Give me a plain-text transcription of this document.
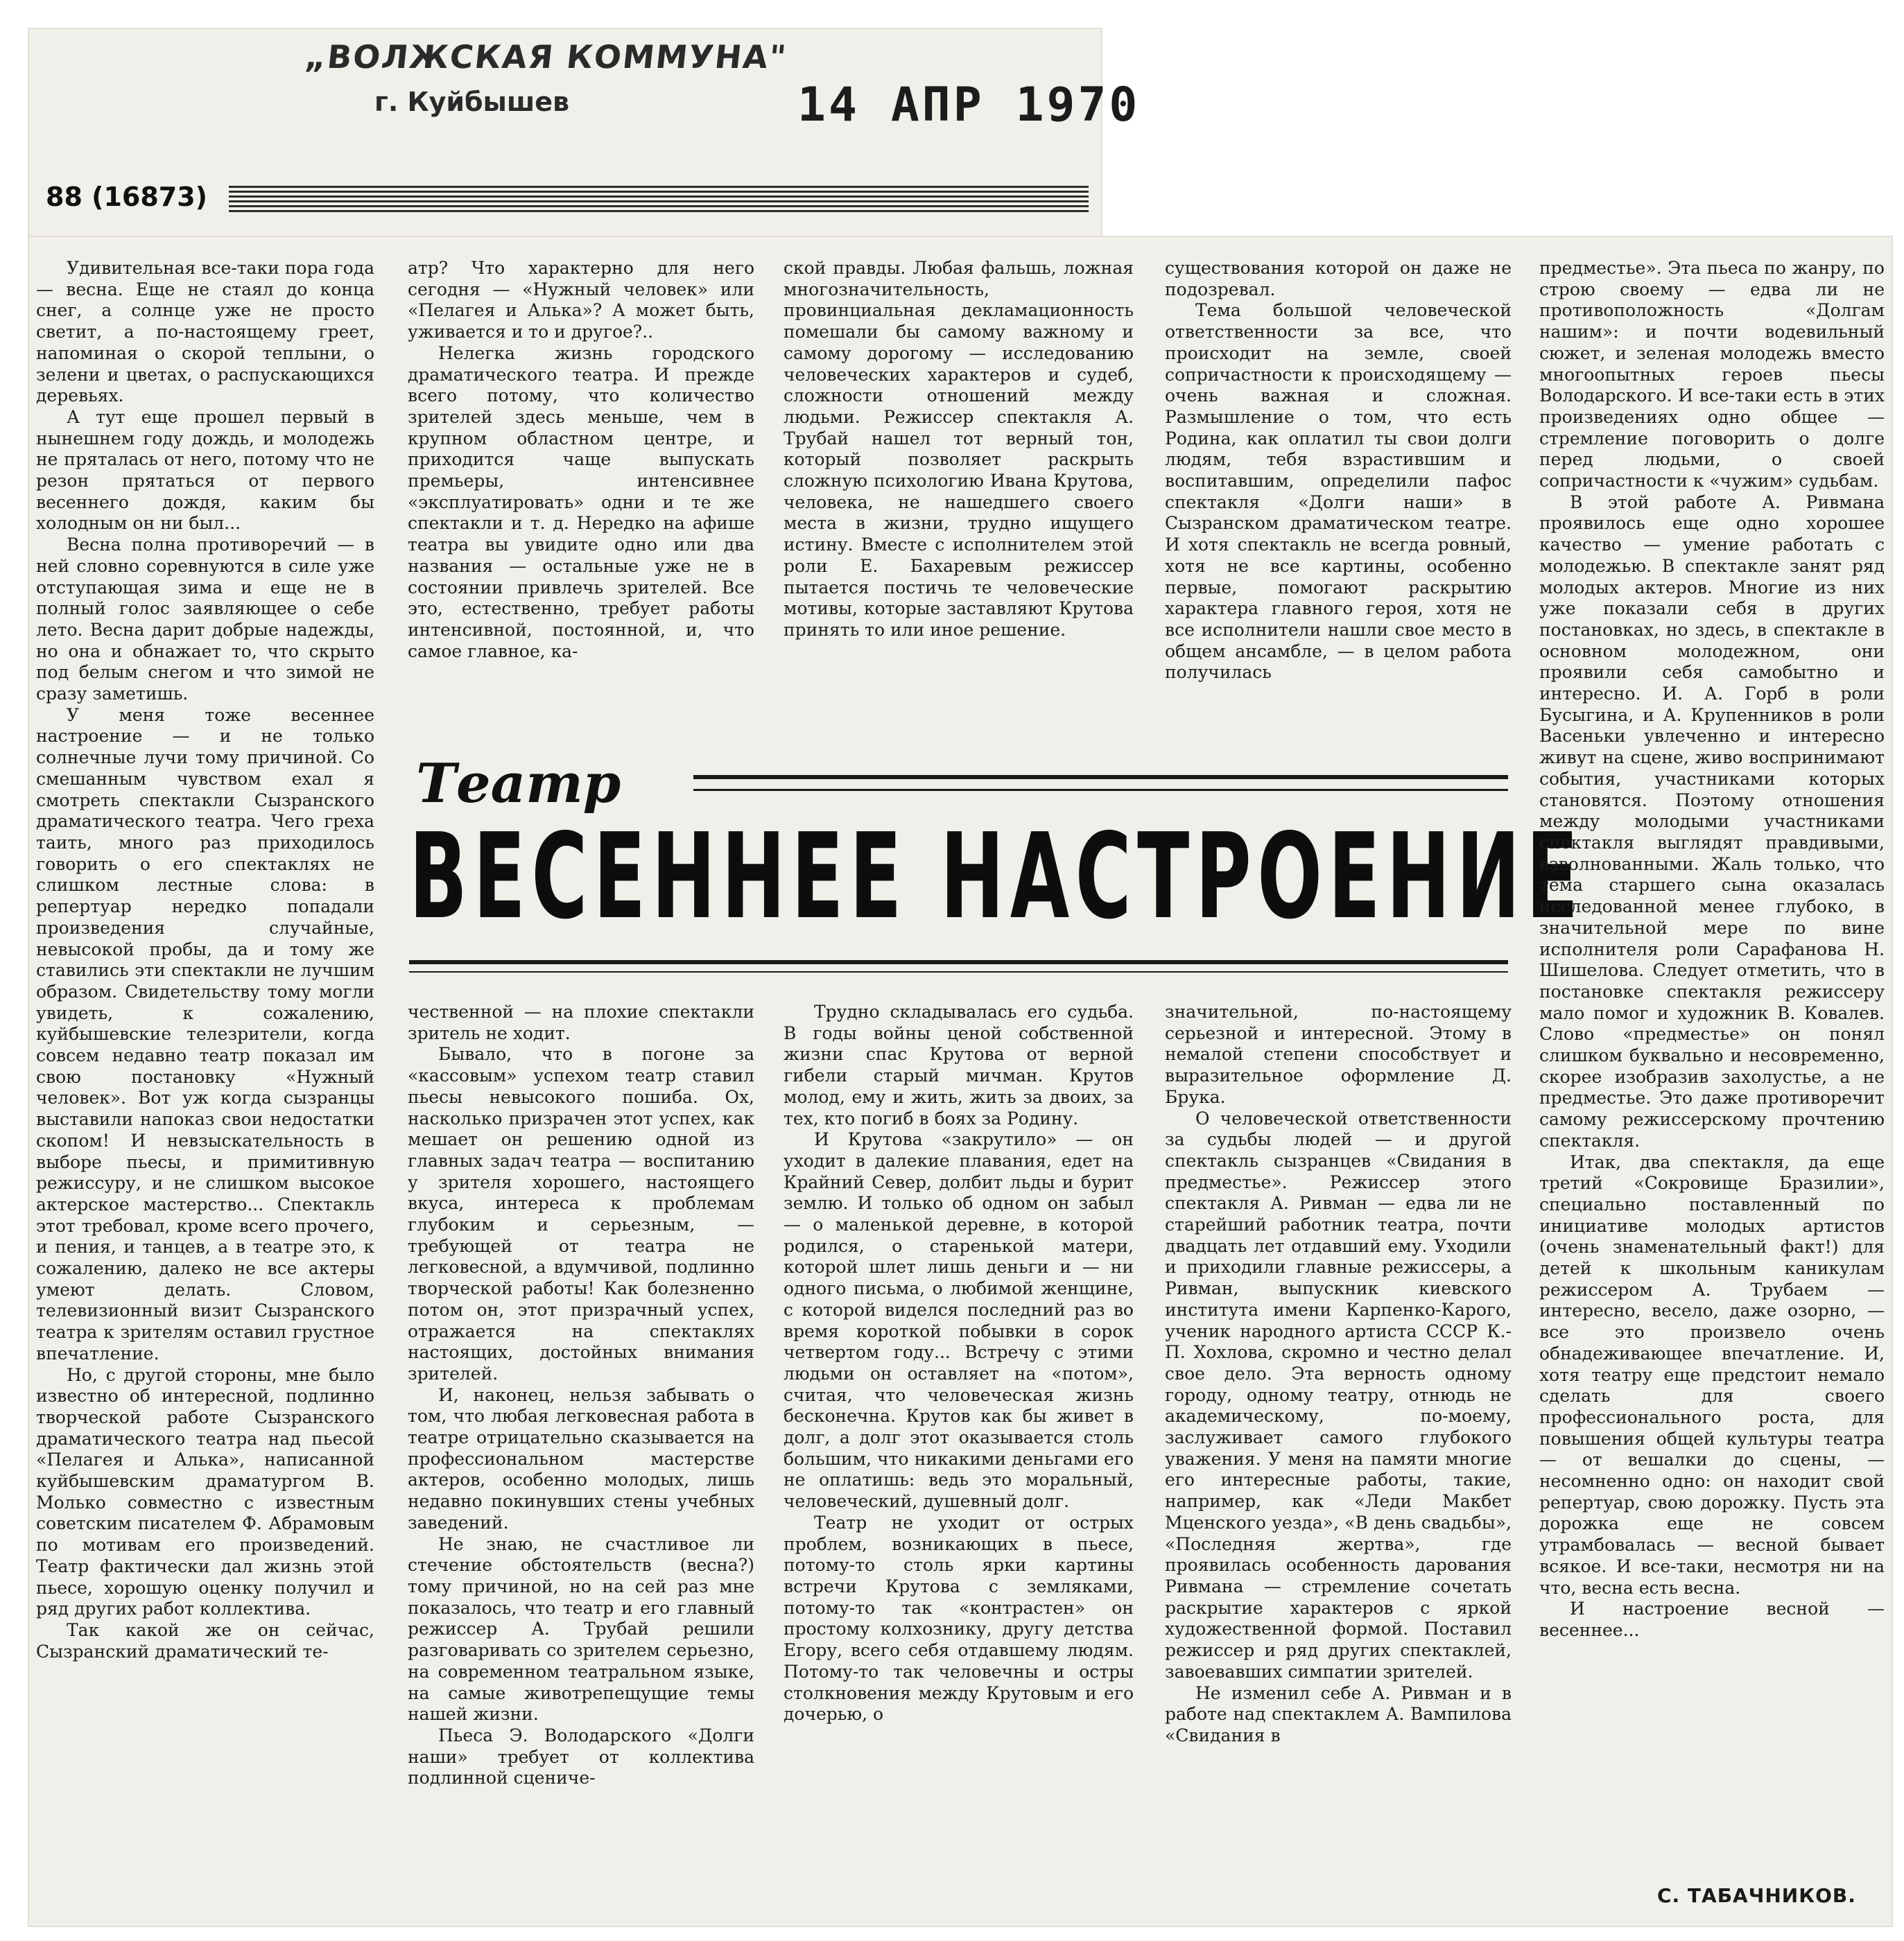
„ВОЛЖСКАЯ КОММУНА"
г. Куйбышев	14 АПР 1970
88 (16873)

Удивительная все-таки пора года — весна. Еще не стаял до конца снег, а солнце уже не просто светит, а по-настоящему греет, напоминая о скорой теплыни, о зелени и цветах, о распускающихся деревьях.

А тут еще прошел первый в нынешнем году дождь, и молодежь не пряталась от него, потому что не резон прятаться от первого весеннего дождя, каким бы холодным он ни был...

Весна полна противоречий — в ней словно соревнуются в силе уже отступающая зима и еще не в полный голос заявляющее о себе лето. Весна дарит добрые надежды, но она и обнажает то, что скрыто под белым снегом и что зимой не сразу заметишь.

У меня тоже весеннее настроение — и не только солнечные лучи тому причиной. Со смешанным чувством ехал я смотреть спектакли Сызранского драматического театра. Чего греха таить, много раз приходилось говорить о его спектаклях не слишком лестные слова: в репертуар нередко попадали произведения случайные, невысокой пробы, да и тому же ставились эти спектакли не лучшим образом. Свидетельству тому могли увидеть, к сожалению, куйбышевские телезрители, когда совсем недавно театр показал им свою постановку «Нужный человек». Вот уж когда сызранцы выставили напоказ свои недостатки скопом! И невзыскательность в выборе пьесы, и примитивную режиссуру, и не слишком высокое актерское мастерство... Спектакль этот требовал, кроме всего прочего, и пения, и танцев, а в театре это, к сожалению, далеко не все актеры умеют делать. Словом, телевизионный визит Сызранского театра к зрителям оставил грустное впечатление.

Но, с другой стороны, мне было известно об интересной, подлинно творческой работе Сызранского драматического театра над пьесой «Пелагея и Алька», написанной куйбышевским драматургом В. Молько совместно с известным советским писателем Ф. Абрамовым по мотивам его произведений. Театр фактически дал жизнь этой пьесе, хорошую оценку получил и ряд других работ коллектива.

Так какой же он сейчас, Сызранский драматический те-

атр? Что характерно для него сегодня — «Нужный человек» или «Пелагея и Алька»? А может быть, уживается и то и другое?..

Нелегка жизнь городского драматического театра. И прежде всего потому, что количество зрителей здесь меньше, чем в крупном областном центре, и приходится чаще выпускать премьеры, интенсивнее «эксплуатировать» одни и те же спектакли и т. д. Нередко на афише театра вы увидите одно или два названия — остальные уже не в состоянии привлечь зрителей. Все это, естественно, требует работы интенсивной, постоянной, и, что самое главное, ка-

ской правды. Любая фальшь, ложная многозначительность, провинциальная декламационность помешали бы самому важному и самому дорогому — исследованию человеческих характеров и судеб, сложности отношений между людьми. Режиссер спектакля А. Трубай нашел тот верный тон, который позволяет раскрыть сложную психологию Ивана Крутова, человека, не нашедшего своего места в жизни, трудно ищущего истину. Вместе с исполнителем этой роли Е. Бахаревым режиссер пытается постичь те человеческие мотивы, которые заставляют Крутова принять то или иное решение.

существования которой он даже не подозревал.

Тема большой человеческой ответственности за все, что происходит на земле, своей сопричастности к происходящему — очень важная и сложная. Размышление о том, что есть Родина, как оплатил ты свои долги людям, тебя взрастившим и воспитавшим, определили пафос спектакля «Долги наши» в Сызранском драматическом театре. И хотя спектакль не всегда ровный, хотя не все картины, особенно первые, помогают раскрытию характера главного героя, хотя не все исполнители нашли свое место в общем ансамбле, — в целом работа получилась

Театр
ВЕСЕННЕЕ НАСТРОЕНИЕ

чественной — на плохие спектакли зритель не ходит.

Бывало, что в погоне за «кассовым» успехом театр ставил пьесы невысокого пошиба. Ох, насколько призрачен этот успех, как мешает он решению одной из главных задач театра — воспитанию у зрителя хорошего, настоящего вкуса, интереса к проблемам глубоким и серьезным, — требующей от театра не легковесной, а вдумчивой, подлинно творческой работы! Как болезненно потом он, этот призрачный успех, отражается на спектаклях настоящих, достойных внимания зрителей.

И, наконец, нельзя забывать о том, что любая легковесная работа в театре отрицательно сказывается на профессиональном мастерстве актеров, особенно молодых, лишь недавно покинувших стены учебных заведений.

Не знаю, не счастливое ли стечение обстоятельств (весна?) тому причиной, но на сей раз мне показалось, что театр и его главный режиссер А. Трубай решили разговаривать со зрителем серьезно, на современном театральном языке, на самые животрепещущие темы нашей жизни.

Пьеса Э. Володарского «Долги наши» требует от коллектива подлинной сцениче-

Трудно складывалась его судьба. В годы войны ценой собственной жизни спас Крутова от верной гибели старый мичман. Крутов молод, ему и жить, жить за двоих, за тех, кто погиб в боях за Родину.

И Крутова «закрутило» — он уходит в далекие плавания, едет на Крайний Север, долбит льды и бурит землю. И только об одном он забыл — о маленькой деревне, в которой родился, о старенькой матери, которой шлет лишь деньги и — ни одного письма, о любимой женщине, с которой виделся последний раз во время короткой побывки в сорок четвертом году... Встречу с этими людьми он оставляет на «потом», считая, что человеческая жизнь бесконечна. Крутов как бы живет в долг, а долг этот оказывается столь большим, что никакими деньгами его не оплатишь: ведь это моральный, человеческий, душевный долг.

Театр не уходит от острых проблем, возникающих в пьесе, потому-то столь ярки картины встречи Крутова с земляками, потому-то так «контрастен» он простому колхознику, другу детства Егору, всего себя отдавшему людям. Потому-то так человечны и остры столкновения между Крутовым и его дочерью, о

значительной, по-настоящему серьезной и интересной. Этому в немалой степени способствует и выразительное оформление Д. Брука.

О человеческой ответственности за судьбы людей — и другой спектакль сызранцев «Свидания в предместье». Режиссер этого спектакля А. Ривман — едва ли не старейший работник театра, почти двадцать лет отдавший ему. Уходили и приходили главные режиссеры, а Ривман, выпускник киевского института имени Карпенко-Карого, ученик народного артиста СССР К.-П. Хохлова, скромно и честно делал свое дело. Эта верность одному городу, одному театру, отнюдь не академическому, по-моему, заслуживает самого глубокого уважения. У меня на памяти многие его интересные работы, такие, например, как «Леди Макбет Мценского уезда», «В день свадьбы», «Последняя жертва», где проявилась особенность дарования Ривмана — стремление сочетать раскрытие характеров с яркой художественной формой. Поставил режиссер и ряд других спектаклей, завоевавших симпатии зрителей.

Не изменил себе А. Ривман и в работе над спектаклем А. Вампилова «Свидания в

предместье». Эта пьеса по жанру, по строю своему — едва ли не противоположность «Долгам нашим»: и почти водевильный сюжет, и зеленая молодежь вместо многоопытных героев пьесы Володарского. И все-таки есть в этих произведениях одно общее — стремление поговорить о долге перед людьми, о своей сопричастности к «чужим» судьбам.

В этой работе А. Ривмана проявилось еще одно хорошее качество — умение работать с молодежью. В спектакле занят ряд молодых актеров. Многие из них уже показали себя в других постановках, но здесь, в спектакле в основном молодежном, они проявили себя самобытно и интересно. И. А. Горб в роли Бусыгина, и А. Крупенников в роли Васеньки увлеченно и интересно живут на сцене, живо воспринимают события, участниками которых становятся. Поэтому отношения между молодыми участниками спектакля выглядят правдивыми, взволнованными. Жаль только, что тема старшего сына оказалась исследованной менее глубоко, в значительной мере по вине исполнителя роли Сарафанова Н. Шишелова. Следует отметить, что в постановке спектакля режиссеру мало помог и художник В. Ковалев. Слово «предместье» он понял слишком буквально и несовременно, скорее изобразив захолустье, а не предместье. Это даже противоречит самому режиссерскому прочтению спектакля.

Итак, два спектакля, да еще третий «Сокровище Бразилии», специально поставленный по инициативе молодых артистов (очень знаменательный факт!) для детей к школьным каникулам режиссером А. Трубаем — интересно, весело, даже озорно, — все это произвело очень обнадеживающее впечатление. И, хотя театру еще предстоит немало сделать для своего профессионального роста, для повышения общей культуры театра — от вешалки до сцены, — несомненно одно: он находит свой репертуар, свою дорожку. Пусть эта дорожка еще не совсем утрамбовалась — весной бывает всякое. И все-таки, несмотря ни на что, весна есть весна.

И настроение весной — весеннее...

С. ТАБАЧНИКОВ.
